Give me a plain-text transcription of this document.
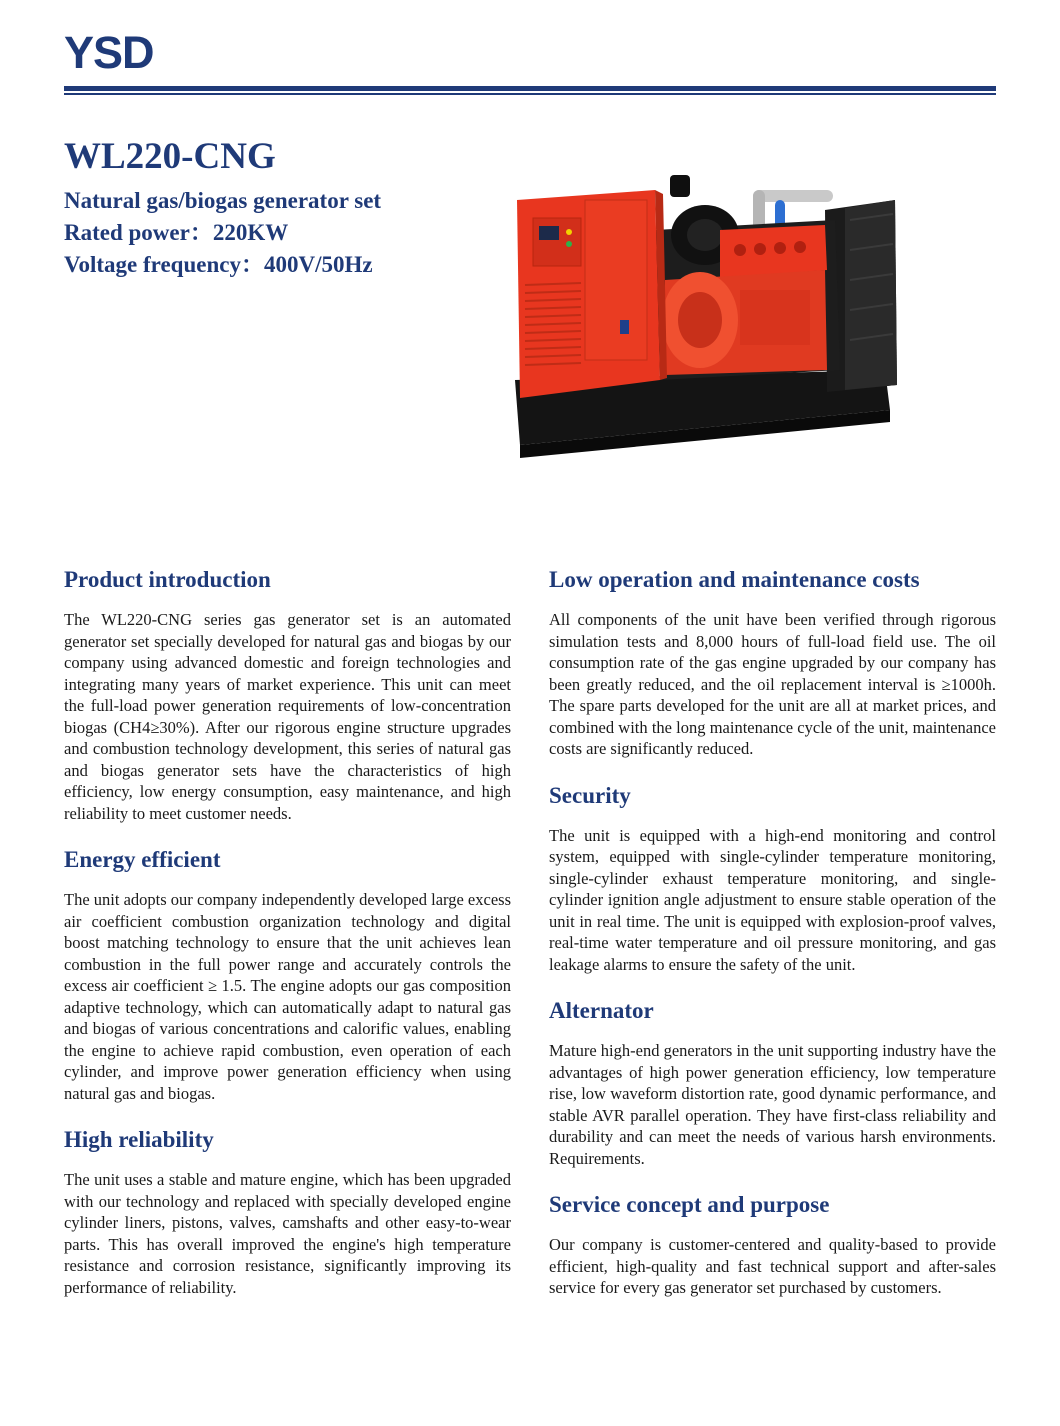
YSD
WL220-CNG
Natural gas/biogas generator set
Rated power：220KW
Voltage frequency：400V/50Hz
Product introduction

The WL220-CNG series gas generator set is an automated generator set specially developed for natural gas and biogas by our company using advanced domestic and foreign technologies and integrating many years of market experience. This unit can meet the full-load power generation requirements of low-concentration biogas (CH4≥30%). After our rigorous engine structure upgrades and combustion technology development, this series of natural gas and biogas generator sets have the characteristics of high efficiency, low energy consumption, easy maintenance, and high reliability to meet customer needs.

Energy efficient

The unit adopts our company independently developed large excess air coefficient combustion organization technology and digital boost matching technology to ensure that the unit achieves lean combustion in the full power range and accurately controls the excess air coefficient ≥ 1.5. The engine adopts our gas composition adaptive technology, which can automatically adapt to natural gas and biogas of various concentrations and calorific values, enabling the engine to achieve rapid combustion, even operation of each cylinder, and improve power generation efficiency when using natural gas and biogas.

High reliability

The unit uses a stable and mature engine, which has been upgraded with our technology and replaced with specially developed engine cylinder liners, pistons, valves, camshafts and other easy-to-wear parts. This has overall improved the engine's high temperature resistance and corrosion resistance, significantly improving its performance of reliability.

Low operation and maintenance costs

All components of the unit have been verified through rigorous simulation tests and 8,000 hours of full-load field use. The oil consumption rate of the gas engine upgraded by our company has been greatly reduced, and the oil replacement interval is ≥1000h. The spare parts developed for the unit are all at market prices, and combined with the long maintenance cycle of the unit, maintenance costs are significantly reduced.

Security

The unit is equipped with a high-end monitoring and control system, equipped with single-cylinder temperature monitoring, single-cylinder exhaust temperature monitoring, and single-cylinder ignition angle adjustment to ensure stable operation of the unit in real time. The unit is equipped with explosion-proof valves, real-time water temperature and oil pressure monitoring, and gas leakage alarms to ensure the safety of the unit.

Alternator

Mature high-end generators in the unit supporting industry have the advantages of high power generation efficiency, low temperature rise, low waveform distortion rate, good dynamic performance, and stable AVR parallel operation. They have first-class reliability and durability and can meet the needs of various harsh environments. Requirements.

Service concept and purpose

Our company is customer-centered and quality-based to provide efficient, high-quality and fast technical support and after-sales service for every gas generator set purchased by customers.
